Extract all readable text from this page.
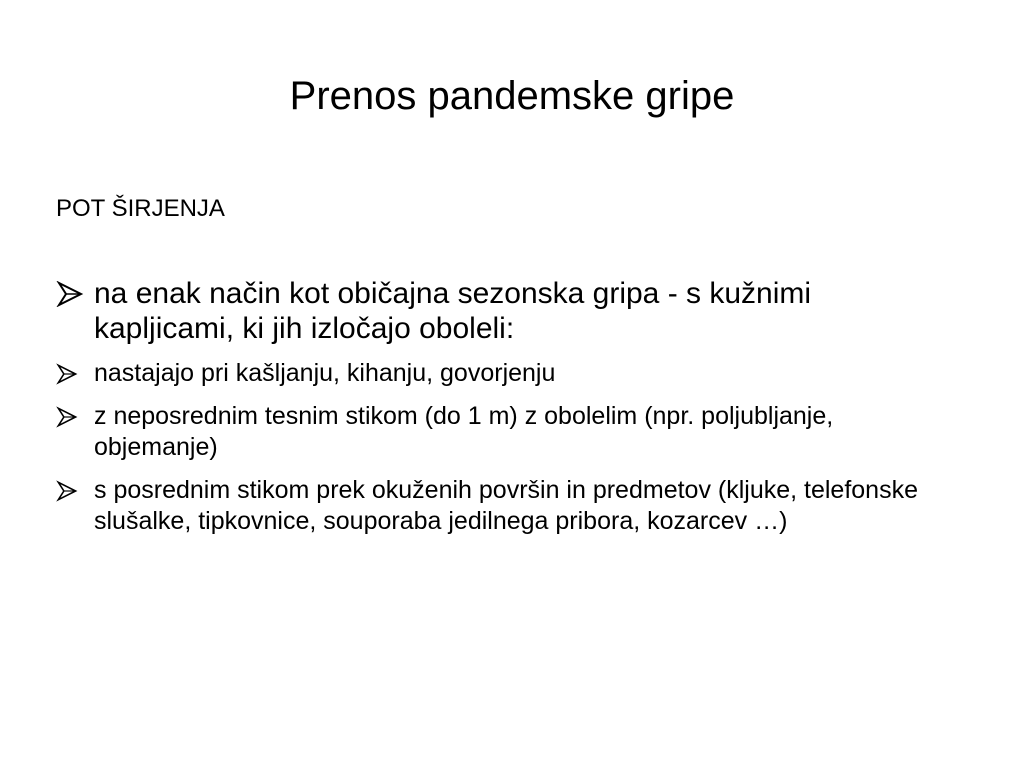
Prenos pandemske gripe
POT ŠIRJENJA
na enak način kot običajna sezonska gripa - s kužnimi kapljicami, ki jih izločajo oboleli:
nastajajo pri kašljanju, kihanju, govorjenju
z neposrednim tesnim stikom (do 1 m) z obolelim (npr. poljubljanje, objemanje)
s posrednim stikom prek okuženih površin in predmetov (kljuke, telefonske slušalke, tipkovnice, souporaba jedilnega pribora, kozarcev …)
